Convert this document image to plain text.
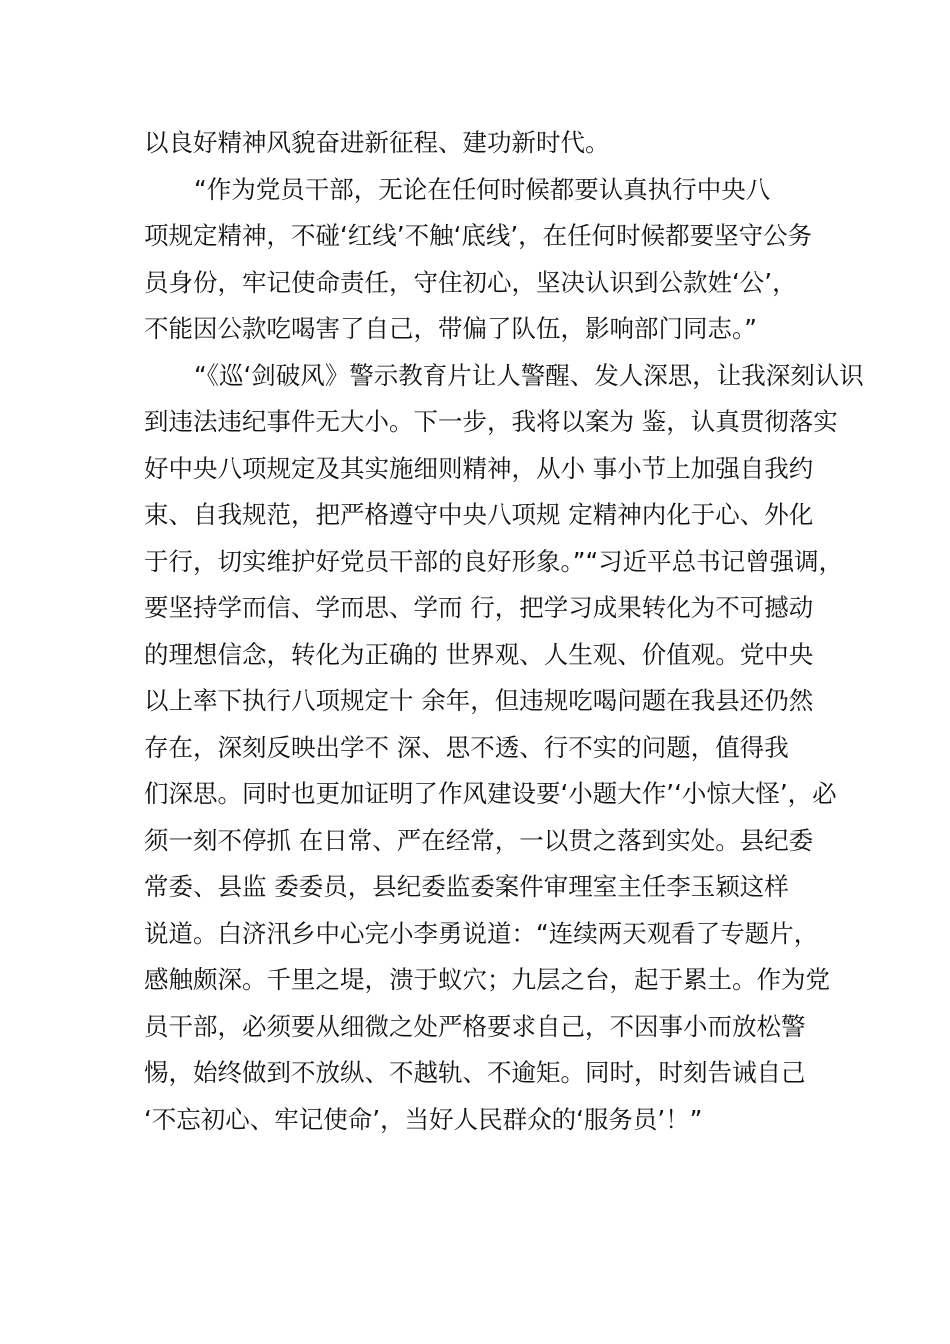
以良好精神风貌奋进新征程、建功新时代。
“作为党员干部，无论在任何时候都要认真执行中央八
项规定精神，不碰‘红线’不触‘底线’，在任何时候都要坚守公务
员身份，牢记使命责任，守住初心，坚决认识到公款姓‘公’，
不能因公款吃喝害了自己，带偏了队伍，影响部门同志。”
“《巡‘剑破风》警示教育片让人警醒、发人深思，让我深刻认识
到违法违纪事件无大小。下一步，我将以案为 鉴，认真贯彻落实
好中央八项规定及其实施细则精神，从小 事小节上加强自我约
束、自我规范，把严格遵守中央八项规 定精神内化于心、外化
于行，切实维护好党员干部的良好形象。”“习近平总书记曾强调，
要坚持学而信、学而思、学而 行，把学习成果转化为不可撼动
的理想信念，转化为正确的 世界观、人生观、价值观。党中央
以上率下执行八项规定十 余年，但违规吃喝问题在我县还仍然
存在，深刻反映出学不 深、思不透、行不实的问题，值得我
们深思。同时也更加证明了作风建设要‘小题大作’‘小惊大怪’，必
须一刻不停抓 在日常、严在经常，一以贯之落到实处。县纪委
常委、县监 委委员，县纪委监委案件审理室主任李玉颖这样
说道。白济汛乡中心完小李勇说道：“连续两天观看了专题片，
感触颇深。千里之堤，溃于蚁穴；九层之台，起于累土。作为党
员干部，必须要从细微之处严格要求自己，不因事小而放松警
惕，始终做到不放纵、不越轨、不逾矩。同时，时刻告诫自己
‘不忘初心、牢记使命’，当好人民群众的‘服务员’！”
